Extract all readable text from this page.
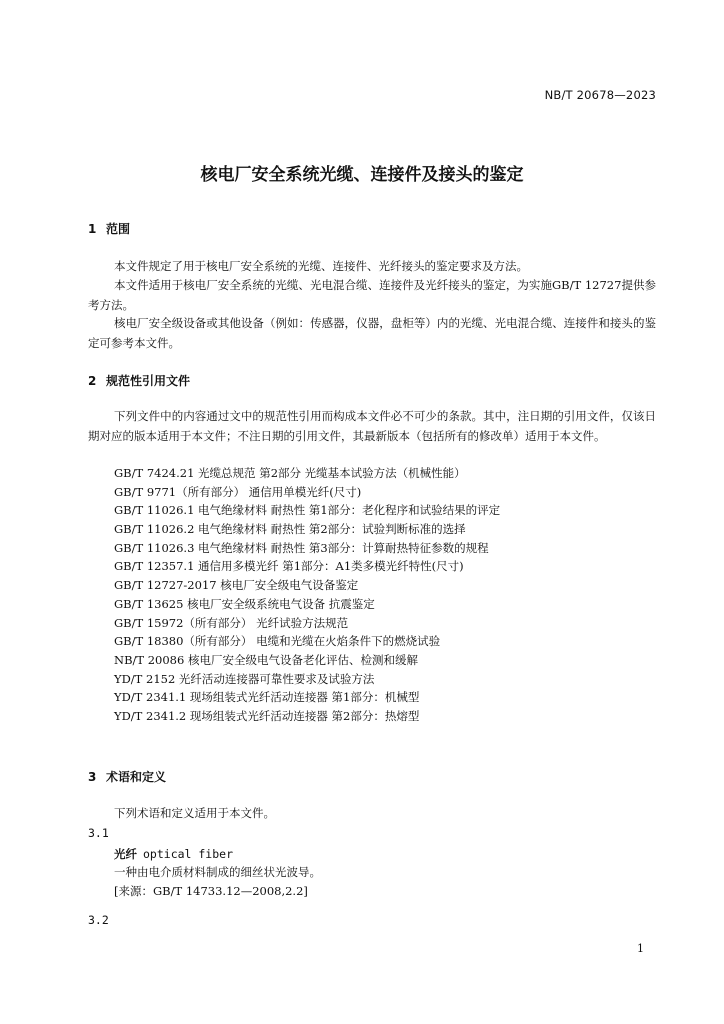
NB/T 20678—2023
核电厂安全系统光缆、连接件及接头的鉴定
1 范围
本文件规定了用于核电厂安全系统的光缆、连接件、光纤接头的鉴定要求及方法。
本文件适用于核电厂安全系统的光缆、光电混合缆、连接件及光纤接头的鉴定，为实施GB/T 12727提供参考方法。
核电厂安全级设备或其他设备（例如：传感器，仪器，盘柜等）内的光缆、光电混合缆、连接件和接头的鉴定可参考本文件。
2 规范性引用文件
下列文件中的内容通过文中的规范性引用而构成本文件必不可少的条款。其中，注日期的引用文件，仅该日期对应的版本适用于本文件；不注日期的引用文件，其最新版本（包括所有的修改单）适用于本文件。
GB/T 7424.21 光缆总规范 第2部分 光缆基本试验方法（机械性能）
GB/T 9771（所有部分） 通信用单模光纤(尺寸)
GB/T 11026.1 电气绝缘材料 耐热性 第1部分：老化程序和试验结果的评定
GB/T 11026.2 电气绝缘材料 耐热性 第2部分：试验判断标准的选择
GB/T 11026.3 电气绝缘材料 耐热性 第3部分：计算耐热特征参数的规程
GB/T 12357.1 通信用多模光纤 第1部分：A1类多模光纤特性(尺寸)
GB/T 12727-2017 核电厂安全级电气设备鉴定
GB/T 13625 核电厂安全级系统电气设备 抗震鉴定
GB/T 15972（所有部分） 光纤试验方法规范
GB/T 18380（所有部分） 电缆和光缆在火焰条件下的燃烧试验
NB/T 20086 核电厂安全级电气设备老化评估、检测和缓解
YD/T 2152 光纤活动连接器可靠性要求及试验方法
YD/T 2341.1 现场组装式光纤活动连接器 第1部分：机械型
YD/T 2341.2 现场组装式光纤活动连接器 第2部分：热熔型
3 术语和定义
下列术语和定义适用于本文件。
3.1
光纤 optical fiber
一种由电介质材料制成的细丝状光波导。
[来源：GB/T 14733.12—2008,2.2]
3.2
1
